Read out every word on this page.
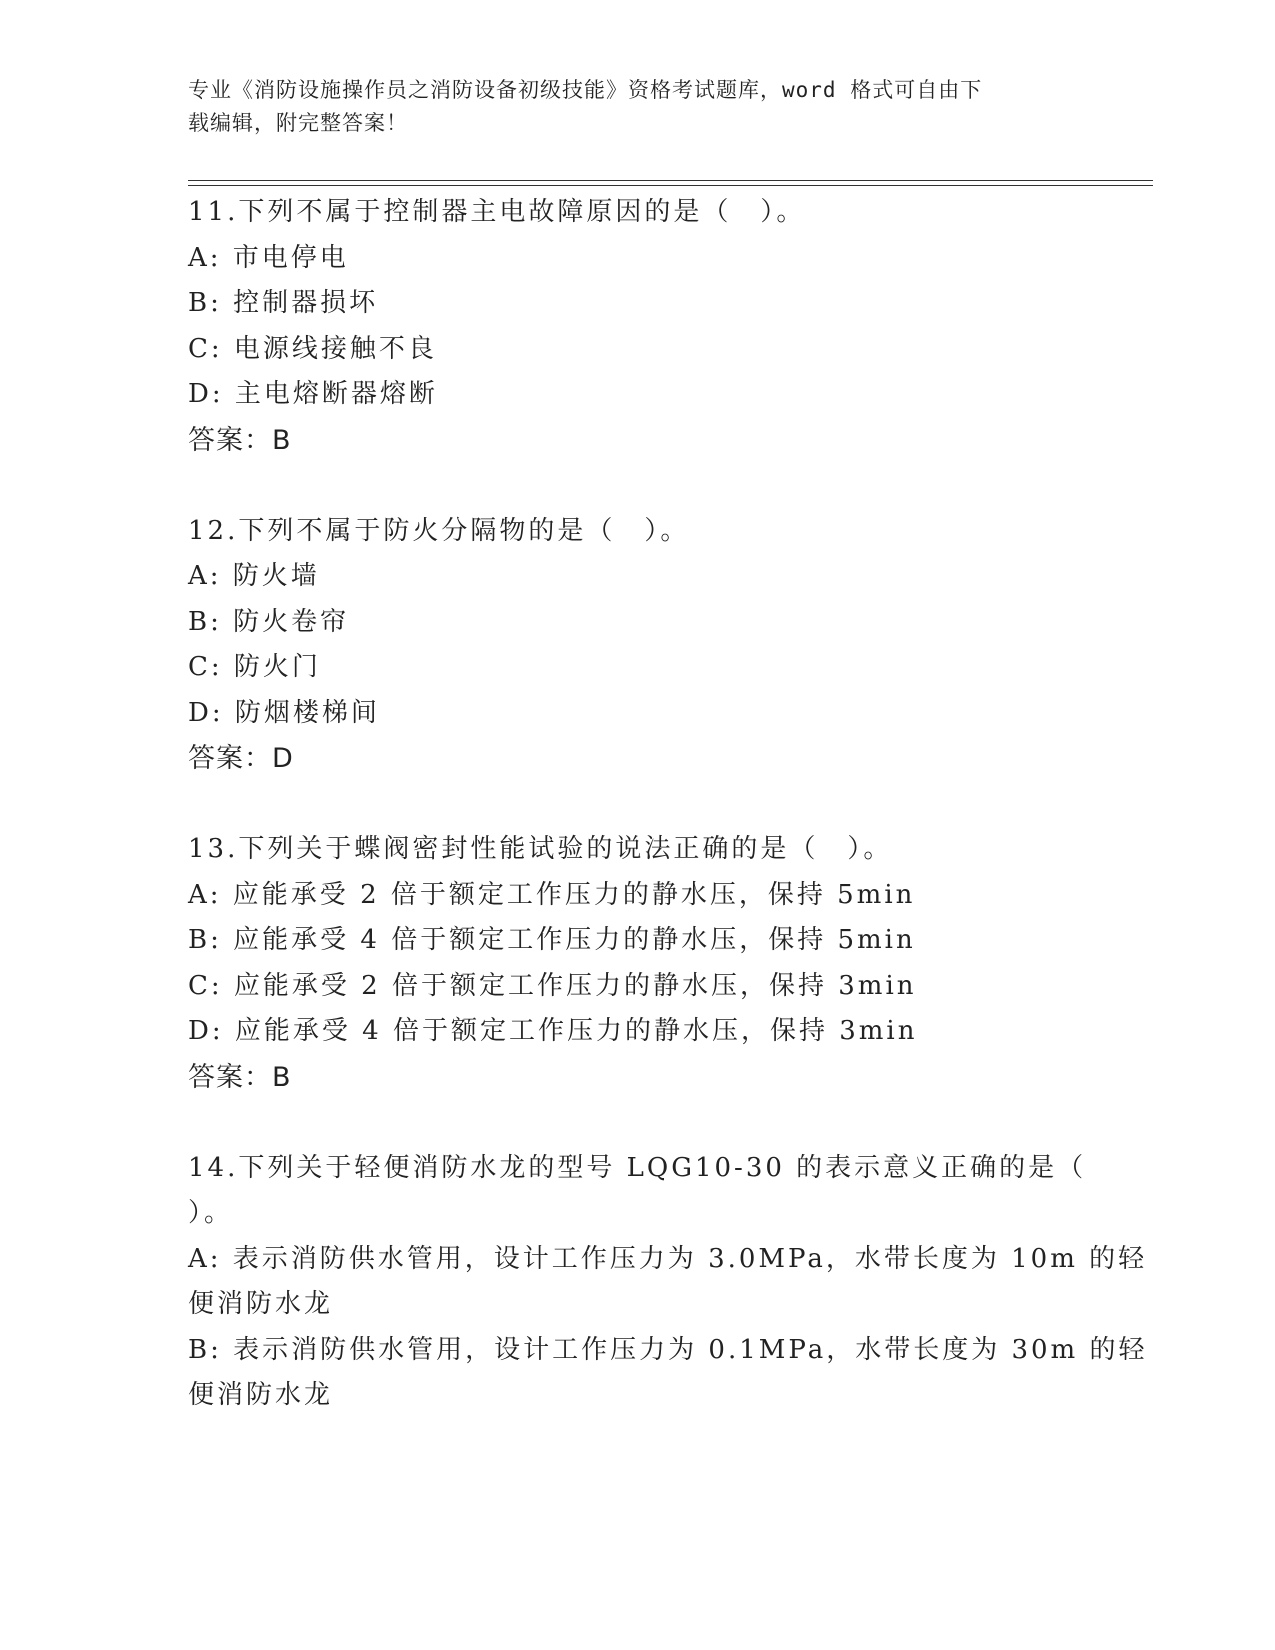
专业《消防设施操作员之消防设备初级技能》资格考试题库，word 格式可自由下

载编辑，附完整答案！
11.下列不属于控制器主电故障原因的是（　）。
A: 市电停电
B: 控制器损坏
C: 电源线接触不良
D: 主电熔断器熔断
答案：B
12.下列不属于防火分隔物的是（　）。
A: 防火墙
B: 防火卷帘
C: 防火门
D: 防烟楼梯间
答案：D
13.下列关于蝶阀密封性能试验的说法正确的是（　）。
A: 应能承受 2 倍于额定工作压力的静水压，保持 5min
B: 应能承受 4 倍于额定工作压力的静水压，保持 5min
C: 应能承受 2 倍于额定工作压力的静水压，保持 3min
D: 应能承受 4 倍于额定工作压力的静水压，保持 3min
答案：B
14.下列关于轻便消防水龙的型号 LQG10-30 的表示意义正确的是（
）。
A: 表示消防供水管用，设计工作压力为 3.0MPa，水带长度为 10m 的轻
便消防水龙
B: 表示消防供水管用，设计工作压力为 0.1MPa，水带长度为 30m 的轻
便消防水龙
